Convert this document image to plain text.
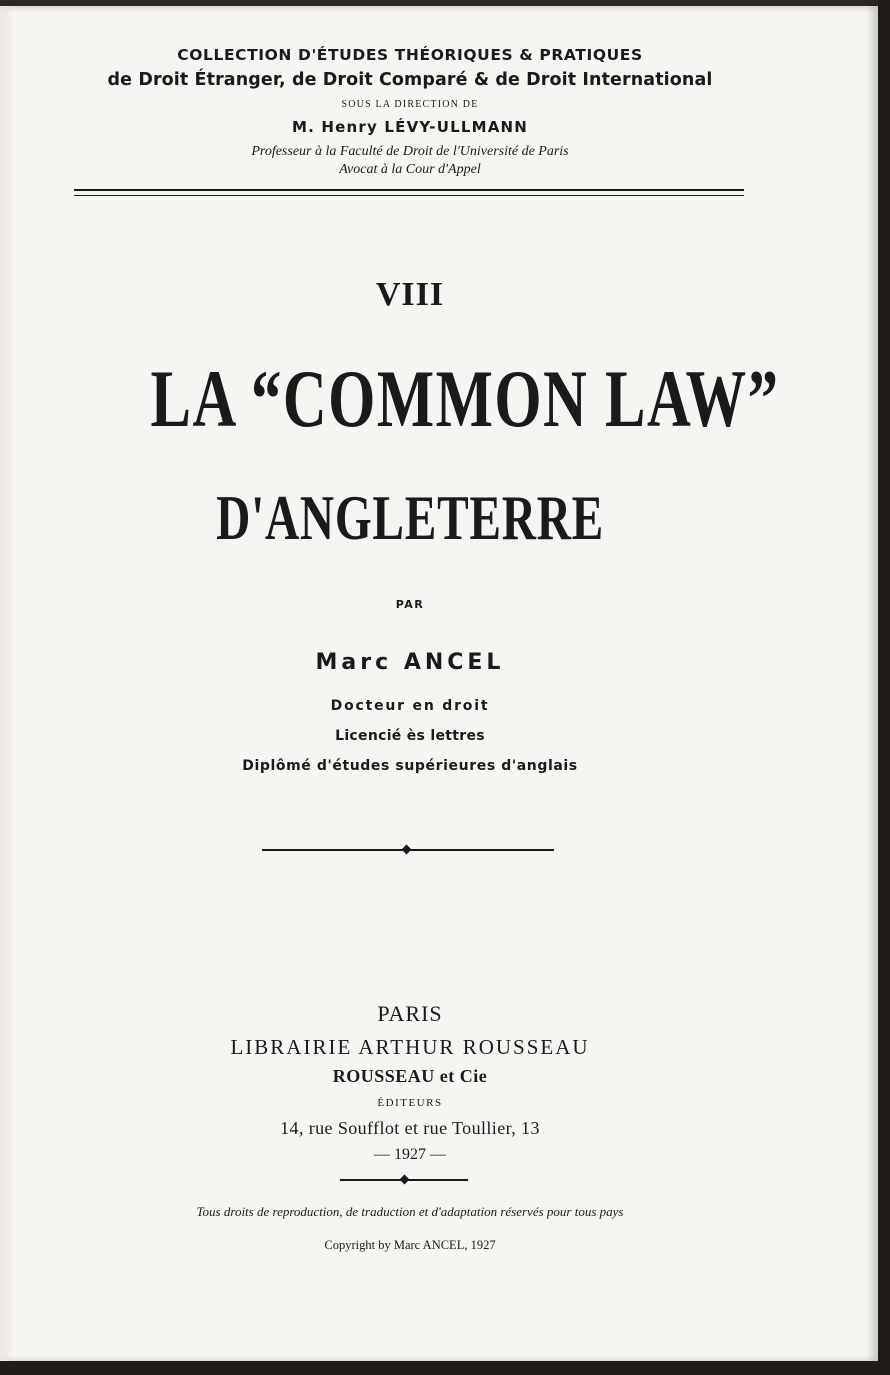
COLLECTION D'ÉTUDES THÉORIQUES & PRATIQUES
de Droit Étranger, de Droit Comparé & de Droit International
SOUS LA DIRECTION DE
M. Henry LÉVY-ULLMANN
Professeur à la Faculté de Droit de l'Université de Paris
Avocat à la Cour d'Appel
VIII
LA “COMMON LAW”
D'ANGLETERRE
PAR
Marc ANCEL
Docteur en droit
Licencié ès lettres
Diplômé d'études supérieures d'anglais
PARIS
LIBRAIRIE ARTHUR ROUSSEAU
ROUSSEAU et Cie
ÉDITEURS
14, rue Soufflot et rue Toullier, 13
— 1927 —
Tous droits de reproduction, de traduction et d'adaptation réservés pour tous pays
Copyright by Marc ANCEL, 1927
